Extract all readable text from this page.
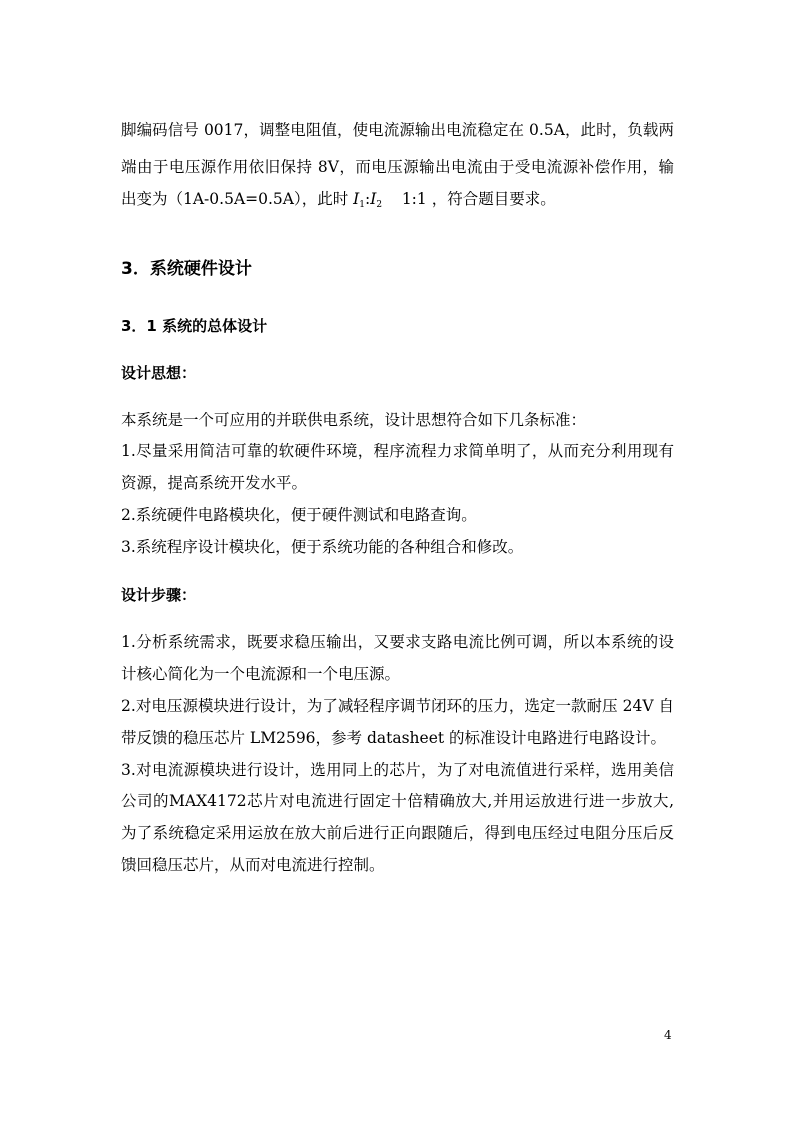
脚编码信号 0017，调整电阻值，使电流源输出电流稳定在 0.5A，此时，负载两
端由于电压源作用依旧保持 8V，而电压源输出电流由于受电流源补偿作用，输
出变为（1A-0.5A=0.5A），此时 $I_1:I_2$    1:1 ，符合题目要求。
3．系统硬件设计
3．1 系统的总体设计
设计思想：
本系统是一个可应用的并联供电系统，设计思想符合如下几条标准：
1.尽量采用简洁可靠的软硬件环境，程序流程力求简单明了，从而充分利用现有
资源，提高系统开发水平。
2.系统硬件电路模块化，便于硬件测试和电路查询。
3.系统程序设计模块化，便于系统功能的各种组合和修改。
设计步骤：
1.分析系统需求，既要求稳压输出，又要求支路电流比例可调，所以本系统的设
计核心简化为一个电流源和一个电压源。
2.对电压源模块进行设计，为了减轻程序调节闭环的压力，选定一款耐压 24V 自
带反馈的稳压芯片 LM2596，参考 datasheet 的标准设计电路进行电路设计。
3.对电流源模块进行设计，选用同上的芯片，为了对电流值进行采样，选用美信
公司的MAX4172芯片对电流进行固定十倍精确放大,并用运放进行进一步放大,
为了系统稳定采用运放在放大前后进行正向跟随后，得到电压经过电阻分压后反
馈回稳压芯片，从而对电流进行控制。
4
